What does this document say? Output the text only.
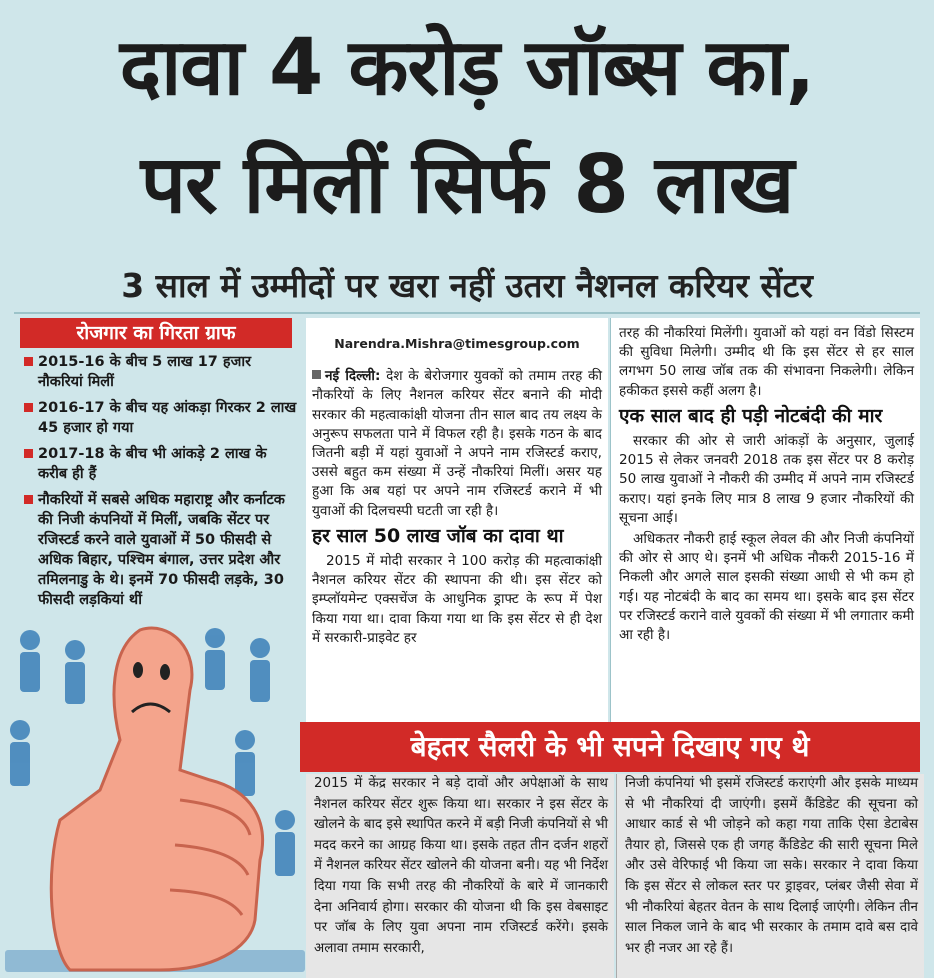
दावा 4 करोड़ जॉब्स का,
पर मिलीं सिर्फ 8 लाख
3 साल में उम्मीदों पर खरा नहीं उतरा नैशनल करियर सेंटर
रोजगार का गिरता ग्राफ
2015-16 के बीच 5 लाख 17 हजार नौकरियां मिलीं
2016-17 के बीच यह आंकड़ा गिरकर 2 लाख 45 हजार हो गया
2017-18 के बीच भी आंकड़े 2 लाख के करीब ही हैं
नौकरियों में सबसे अधिक महाराष्ट्र और कर्नाटक की निजी कंपनियों में मिलीं, जबकि सेंटर पर रजिस्टर्ड करने वाले युवाओं में 50 फीसदी से अधिक बिहार, पश्चिम बंगाल, उत्तर प्रदेश और तमिलनाडु के थे। इनमें 70 फीसदी लड़के, 30 फीसदी लड़कियां थीं
Narendra.Mishra@timesgroup.com

नई दिल्ली: देश के बेरोजगार युवकों को तमाम तरह की नौकरियों के लिए नैशनल करियर सेंटर बनाने की मोदी सरकार की महत्वाकांक्षी योजना तीन साल बाद तय लक्ष्य के अनुरूप सफलता पाने में विफल रही है। इसके गठन के बाद जितनी बड़ी में यहां युवाओं ने अपने नाम रजिस्टर्ड कराए, उससे बहुत कम संख्या में उन्हें नौकरियां मिलीं। असर यह हुआ कि अब यहां पर अपने नाम रजिस्टर्ड कराने में भी युवाओं की दिलचस्पी घटती जा रही है।

हर साल 50 लाख जॉब का दावा था

2015 में मोदी सरकार ने 100 करोड़ की महत्वाकांक्षी नैशनल करियर सेंटर की स्थापना की थी। इस सेंटर को इम्प्लॉयमेन्ट एक्सचेंज के आधुनिक ड्राफ्ट के रूप में पेश किया गया था। दावा किया गया था कि इस सेंटर से ही देश में सरकारी-प्राइवेट हर

तरह की नौकरियां मिलेंगी। युवाओं को यहां वन विंडो सिस्टम की सुविधा मिलेगी। उम्मीद थी कि इस सेंटर से हर साल लगभग 50 लाख जॉब तक की संभावना निकलेगी। लेकिन हकीकत इससे कहीं अलग है।

एक साल बाद ही पड़ी नोटबंदी की मार

सरकार की ओर से जारी आंकड़ों के अनुसार, जुलाई 2015 से लेकर जनवरी 2018 तक इस सेंटर पर 8 करोड़ 50 लाख युवाओं ने नौकरी की उम्मीद में अपने नाम रजिस्टर्ड कराए। यहां इनके लिए मात्र 8 लाख 9 हजार नौकरियों की सूचना आई।

अधिकतर नौकरी हाई स्कूल लेवल की और निजी कंपनियों की ओर से आए थे। इनमें भी अधिक नौकरी 2015-16 में निकली और अगले साल इसकी संख्या आधी से भी कम हो गई। यह नोटबंदी के बाद का समय था। इसके बाद इस सेंटर पर रजिस्टर्ड कराने वाले युवकों की संख्या में भी लगातार कमी आ रही है।

बेहतर सैलरी के भी सपने दिखाए गए थे
2015 में केंद्र सरकार ने बड़े दावों और अपेक्षाओं के साथ नैशनल करियर सेंटर शुरू किया था। सरकार ने इस सेंटर के खोलने के बाद इसे स्थापित करने में बड़ी निजी कंपनियों से भी मदद करने का आग्रह किया था। इसके तहत तीन दर्जन शहरों में नैशनल करियर सेंटर खोलने की योजना बनी। यह भी निर्देश दिया गया कि सभी तरह की नौकरियों के बारे में जानकारी देना अनिवार्य होगा। सरकार की योजना थी कि इस वेबसाइट पर जॉब के लिए युवा अपना नाम रजिस्टर्ड करेंगे। इसके अलावा तमाम सरकारी,
निजी कंपनियां भी इसमें रजिस्टर्ड कराएंगी और इसके माध्यम से भी नौकरियां दी जाएंगी। इसमें कैंडिडेट की सूचना को आधार कार्ड से भी जोड़ने को कहा गया ताकि ऐसा डेटाबेस तैयार हो, जिससे एक ही जगह कैंडिडेट की सारी सूचना मिले और उसे वेरिफाई भी किया जा सके। सरकार ने दावा किया कि इस सेंटर से लोकल स्तर पर ड्राइवर, प्लंबर जैसी सेवा में भी नौकरियां बेहतर वेतन के साथ दिलाई जाएंगी। लेकिन तीन साल निकल जाने के बाद भी सरकार के तमाम दावे बस दावे भर ही नजर आ रहे हैं।
